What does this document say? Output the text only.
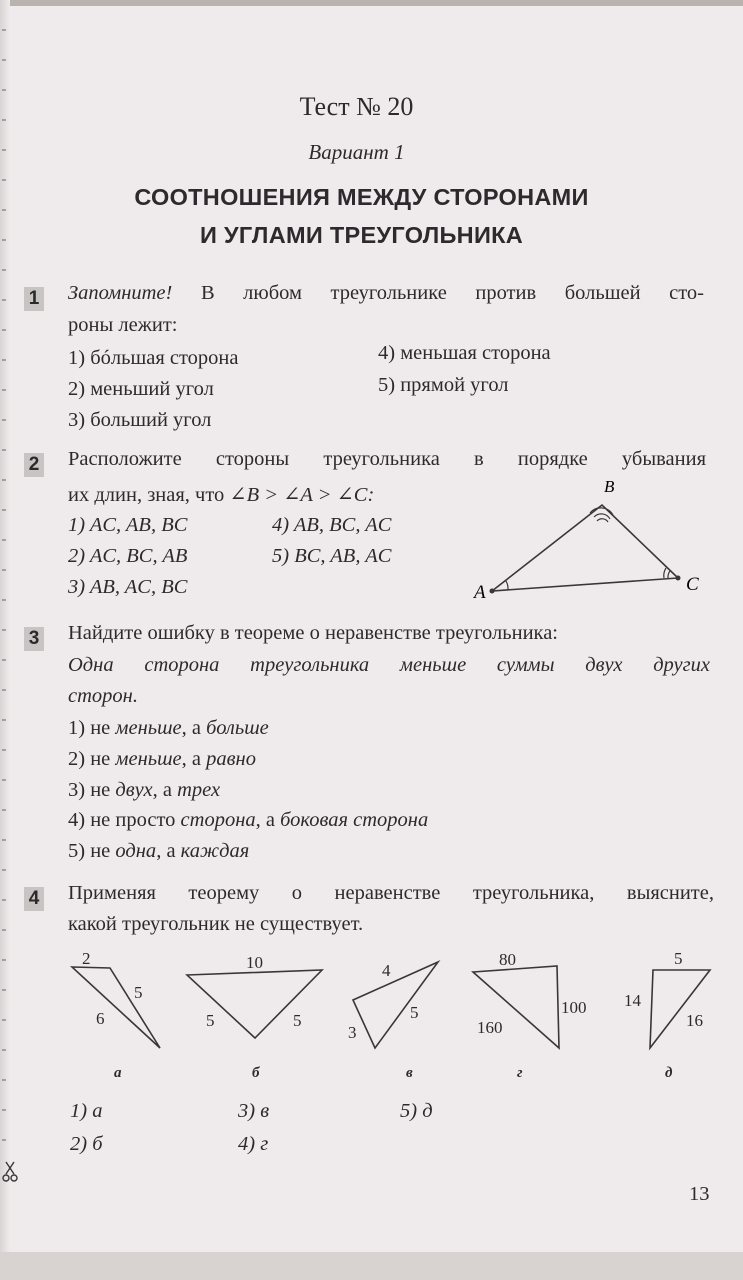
Тест № 20
Вариант 1
СООТНОШЕНИЯ МЕЖДУ СТОРОНАМИ
И УГЛАМИ ТРЕУГОЛЬНИКА
1 Запомните! В любом треугольнике против большей сто-
роны лежит:
1) бóльшая сторона
2) меньший угол
3) больший угол
4) меньшая сторона
5) прямой угол
2 Расположите стороны треугольника в порядке убывания
их длин, зная, что ∠B > ∠A > ∠C:
1) AC, AB, BC
2) AC, BC, AB
3) AB, AC, BC
4) AB, BC, AC
5) BC, AB, AC
A
B
C
3 Найдите ошибку в теореме о неравенстве треугольника:
Одна сторона треугольника меньше суммы двух других
сторон.
1) не меньше, а больше
2) не меньше, а равно
3) не двух, а трех
4) не просто сторона, а боковая сторона
5) не одна, а каждая
4 Применяя теорему о неравенстве треугольника, выясните,
какой треугольник не существует.
2
5
6
10
5	5
4
5
3
80
100
160
5
14
16
а	б	в	г	д
1) а
2) б
3) в
4) г
5) д
13
